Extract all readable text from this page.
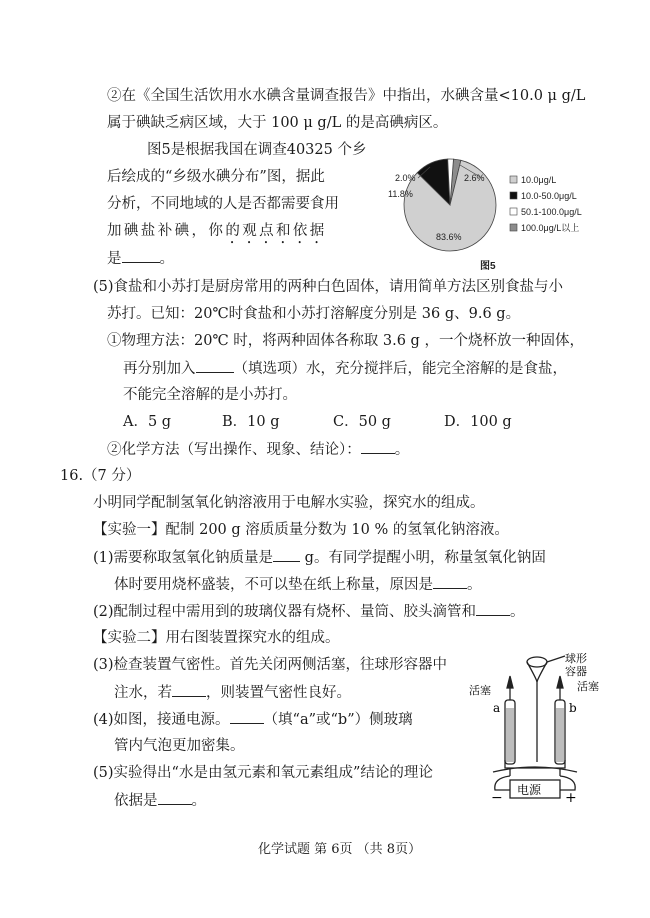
②在《全国生活饮用水水碘含量调查报告》中指出，水碘含量<10.0 μ g/L
属于碘缺乏病区域，大于 100 μ g/L 的是高碘病区。
图5是根据我国在调查40325 个乡
后绘成的“乡级水碘分布”图，据此
分析，不同地域的人是否都需要食用
加碘盐补碘，你的观点和依据
是	。
83.6%
11.8%
2.0%	2.6%	10.0μg/L
10.0-50.0μg/L
50.1-100.0μg/L
100.0μg/L以上
图5
(5)食盐和小苏打是厨房常用的两种白色固体，请用简单方法区别食盐与小
苏打。已知：20℃时食盐和小苏打溶解度分别是 36 g、9.6 g。
①物理方法：20℃ 时，将两种固体各称取 3.6 g ，一个烧杯放一种固体，
再分别加入	（填选项）水，充分搅拌后，能完全溶解的是食盐，
不能完全溶解的是小苏打。
A．5 g	B．10 g	C．50 g	D．100 g
②化学方法（写出操作、现象、结论）： 。
16.（7 分）
小明同学配制氢氧化钠溶液用于电解水实验，探究水的组成。
【实验一】配制 200 g 溶质质量分数为 10 % 的氢氧化钠溶液。
(1)需要称取氢氧化钠质量是 g。有同学提醒小明，称量氢氧化钠固
体时要用烧杯盛装，不可以垫在纸上称量，原因是 。
(2)配制过程中需用到的玻璃仪器有烧杯、量筒、胶头滴管和 。
【实验二】用右图装置探究水的组成。
(3)检查装置气密性。首先关闭两侧活塞，往球形容器中
注水，若 ，则装置气密性良好。
(4)如图，接通电源。 （填“a”或“b”）侧玻璃
管内气泡更加密集。
(5)实验得出“水是由氢元素和氧元素组成”结论的理论
依据是 。
球形
容器
活塞	活塞
a	b
电源
−	+
化学试题 第 6页 （共 8页）
